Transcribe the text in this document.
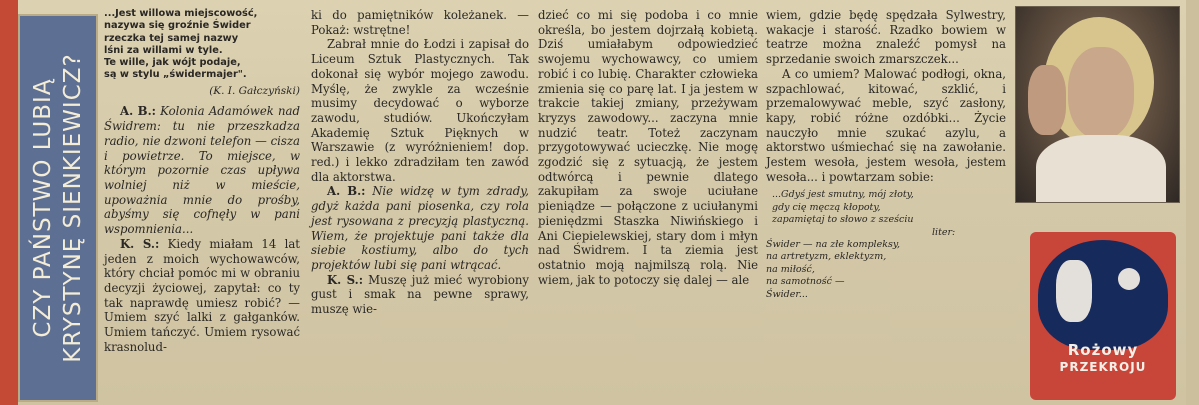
CZY PAŃSTWO LUBIĄ KRYSTYNĘ SIENKIEWICZ?

...Jest willowa miejscowość,

nazywa się groźnie Świder

rzeczka tej samej nazwy

lśni za willami w tyle.

Te wille, jak wójt podaje,

są w stylu „świdermajer".

(K. I. Gałczyński)

A. B.: Kolonia Adamówek nad Świdrem: tu nie przeszkadza radio, nie dzwoni telefon — cisza i powietrze. To miejsce, w którym pozornie czas upływa wolniej niż w mieście, upoważnia mnie do prośby, abyśmy się cofnęły w pani wspomnienia...

K. S.: Kiedy miałam 14 lat jeden z moich wychowawców, który chciał pomóc mi w obraniu decyzji życiowej, zapytał: co ty tak naprawdę umiesz robić? — Umiem szyć lalki z gałganków. Umiem tańczyć. Umiem rysować krasnolud-

ki do pamiętników koleżanek. — Pokaż: wstrętne!

Zabrał mnie do Łodzi i zapisał do Liceum Sztuk Plastycznych. Tak dokonał się wybór mojego zawodu. Myślę, że zwykle za wcześnie musimy decydować o wyborze zawodu, studiów. Ukończyłam Akademię Sztuk Pięknych w Warszawie (z wyróżnieniem! dop. red.) i lekko zdradziłam ten zawód dla aktorstwa.

A. B.: Nie widzę w tym zdrady, gdyż każda pani piosenka, czy rola jest rysowana z precyzją plastyczną. Wiem, że projektuje pani także dla siebie kostiumy, albo do tych projektów lubi się pani wtrącać.

K. S.: Muszę już mieć wyrobiony gust i smak na pewne sprawy, muszę wie-

dzieć co mi się podoba i co mnie określa, bo jestem dojrzałą kobietą. Dziś umiałabym odpowiedzieć swojemu wychowawcy, co umiem robić i co lubię. Charakter człowieka zmienia się co parę lat. I ja jestem w trakcie takiej zmiany, przeżywam kryzys zawodowy... zaczyna mnie nudzić teatr. Toteż zaczynam przygotowywać ucieczkę. Nie mogę zgodzić się z sytuacją, że jestem odtwórcą i pewnie dlatego zakupiłam za swoje uciułane pieniądze — połączone z uciułanymi pieniędzmi Staszka Niwińskiego i Ani Ciepielewskiej, stary dom i młyn nad Świdrem. I ta ziemia jest ostatnio moją najmilszą rolą. Nie wiem, jak to potoczy się dalej — ale

wiem, gdzie będę spędzała Sylwestry, wakacje i starość. Rzadko bowiem w teatrze można znaleźć pomysł na sprzedanie swoich zmarszczek...

A co umiem? Malować podłogi, okna, szpachlować, kitować, szklić, i przemalowywać meble, szyć zasłony, kapy, robić różne ozdóbki... Życie nauczyło mnie szukać azylu, a aktorstwo uśmiechać się na zawołanie. Jestem wesoła, jestem wesoła, jestem wesoła... i powtarzam sobie:

...Gdyś jest smutny, mój złoty,
gdy cię męczą kłopoty,
zapamiętaj to słowo z sześciu
liter:
Świder — na złe kompleksy,
na artretyzm, eklektyzm,
na miłość,
na samotność —
Świder...
Rożowy
PRZEKROJU
